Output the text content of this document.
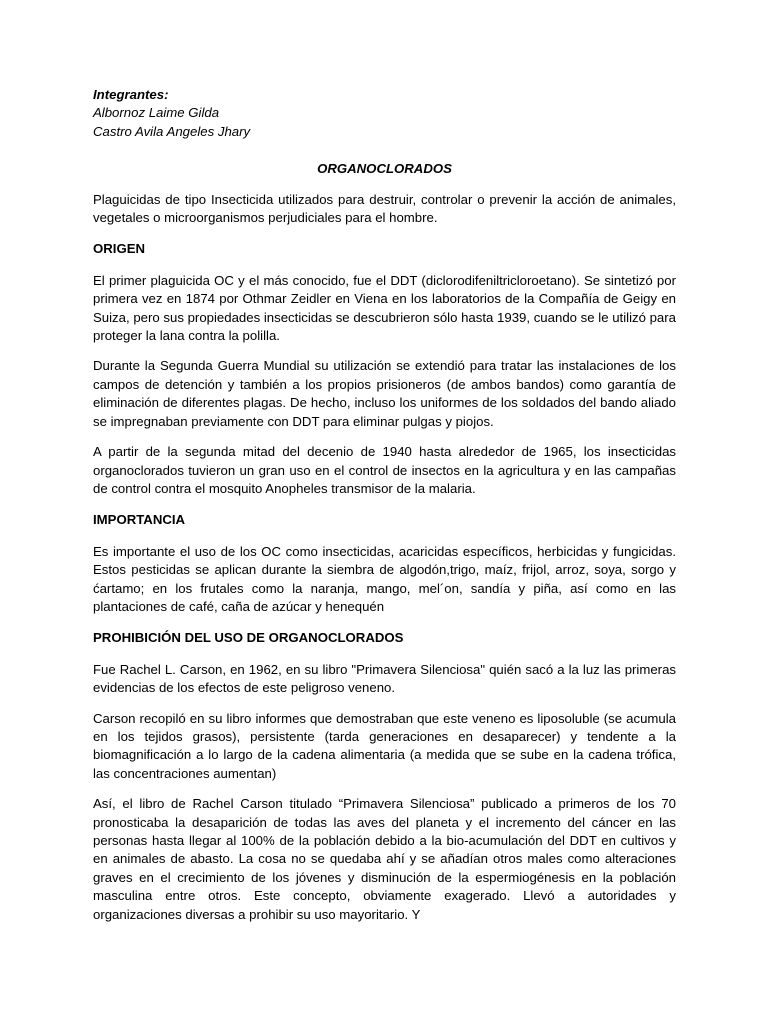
Integrantes:

Albornoz Laime Gilda

Castro Avila Angeles Jhary

ORGANOCLORADOS

Plaguicidas de tipo Insecticida utilizados para destruir, controlar o prevenir la acción de animales, vegetales o microorganismos perjudiciales para el hombre.

ORIGEN

El primer plaguicida OC y el más conocido, fue el DDT (diclorodifeniltricloroetano). Se sintetizó por primera vez en 1874 por Othmar Zeidler en Viena en los laboratorios de la Compañía de Geigy en Suiza, pero sus propiedades insecticidas se descubrieron sólo hasta 1939, cuando se le utilizó para proteger la lana contra la polilla.

Durante la Segunda Guerra Mundial su utilización se extendió para tratar las instalaciones de los campos de detención y también a los propios prisioneros (de ambos bandos) como garantía de eliminación de diferentes plagas. De hecho, incluso los uniformes de los soldados del bando aliado se impregnaban previamente con DDT para eliminar pulgas y piojos.

A partir de la segunda mitad del decenio de 1940 hasta alrededor de 1965, los insecticidas organoclorados tuvieron un gran uso en el control de insectos en la agricultura y en las campañas de control contra el mosquito Anopheles transmisor de la malaria.

IMPORTANCIA

Es importante el uso de los OC como insecticidas, acaricidas específicos, herbicidas y fungicidas. Estos pesticidas se aplican durante la siembra de algodón,trigo, maíz, frijol, arroz, soya, sorgo y ćartamo; en los frutales como la naranja, mango, mel´on, sandía y piña, así como en las plantaciones de café, caña de azúcar y henequén

PROHIBICIÓN DEL USO DE ORGANOCLORADOS

Fue Rachel L. Carson, en 1962, en su libro "Primavera Silenciosa" quién sacó a la luz las primeras evidencias de los efectos de este peligroso veneno.

Carson recopiló en su libro informes que demostraban que este veneno es liposoluble (se acumula en los tejidos grasos), persistente (tarda generaciones en desaparecer) y tendente a la biomagnificación a lo largo de la cadena alimentaria (a medida que se sube en la cadena trófica, las concentraciones aumentan)

Así, el libro de Rachel Carson titulado “Primavera Silenciosa” publicado a primeros de los 70 pronosticaba la desaparición de todas las aves del planeta y el incremento del cáncer en las personas hasta llegar al 100% de la población debido a la bio-acumulación del DDT en cultivos y en animales de abasto. La cosa no se quedaba ahí y se añadían otros males como alteraciones graves en el crecimiento de los jóvenes y disminución de la espermiogénesis en la población masculina entre otros. Este concepto, obviamente exagerado. Llevó a autoridades y organizaciones diversas a prohibir su uso mayoritario. Y
